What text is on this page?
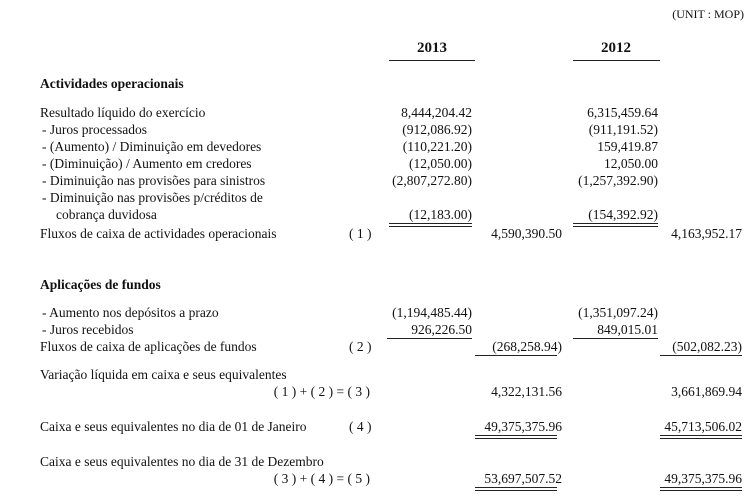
(UNIT : MOP)
2013	2012
Actividades operacionais
Resultado líquido do exercício	8,444,204.42	6,315,459.64
- Juros processados	(912,086.92)	(911,191.52)
- (Aumento) / Diminuição em devedores	(110,221.20)	159,419.87
- (Diminuição) / Aumento em credores	(12,050.00)	12,050.00
- Diminuição nas provisões para sinistros	(2,807,272.80)	(1,257,392.90)
- Diminuição nas provisões p/créditos de
cobrança duvidosa	(12,183.00)	(154,392.92)
Fluxos de caixa de actividades operacionais	( 1 )	4,590,390.50	4,163,952.17
Aplicações de fundos
- Aumento nos depósitos a prazo	(1,194,485.44)	(1,351,097.24)
- Juros recebidos	926,226.50	849,015.01
Fluxos de caixa de aplicações de fundos	( 2 )	(268,258.94)	(502,082.23)
Variação líquida em caixa e seus equivalentes
( 1 ) + ( 2 ) = ( 3 )	4,322,131.56	3,661,869.94
Caixa e seus equivalentes no dia de 01 de Janeiro	( 4 )	49,375,375.96	45,713,506.02
Caixa e seus equivalentes no dia de 31 de Dezembro
( 3 ) + ( 4 ) = ( 5 )	53,697,507.52	49,375,375.96
